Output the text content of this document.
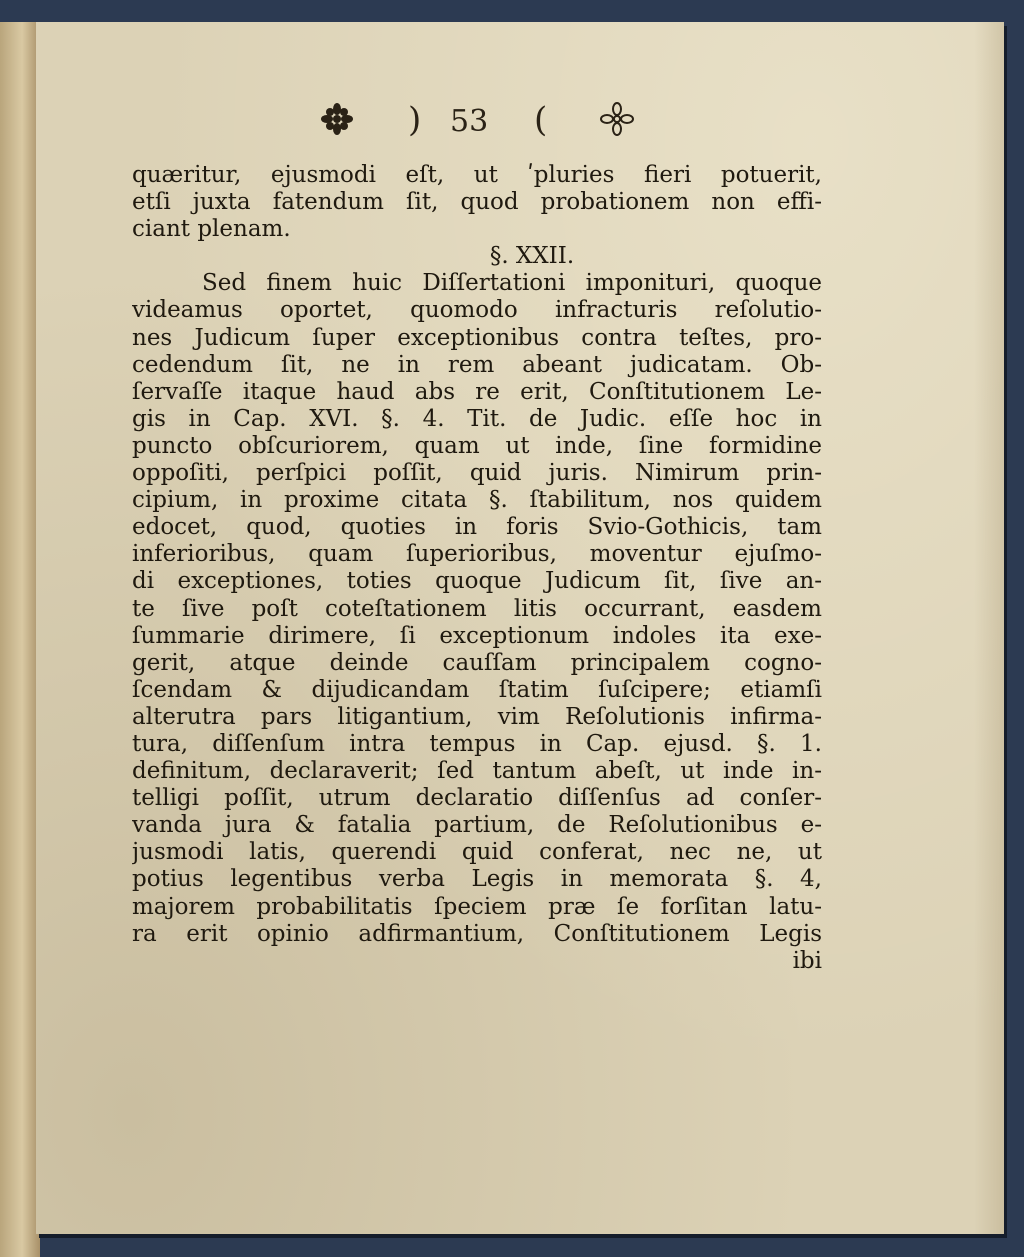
) 53 (
quæritur, ejusmodi eſt, ut ʹpluries fieri potuerit,
etſi juxta fatendum ſit, quod probationem non effi-
ciant plenam.
§. XXII.
Sed finem huic Diſſertationi imponituri, quoque
videamus oportet, quomodo infracturis reſolutio-
nes Judicum ſuper exceptionibus contra teſtes, pro-
cedendum ſit, ne in rem abeant judicatam. Ob-
ſervaſſe itaque haud abs re erit, Conſtitutionem Le-
gis in Cap. XVI. §. 4. Tit. de Judic. eſſe hoc in
puncto obſcuriorem, quam ut inde, ſine formidine
oppoſiti, perſpici poſſit, quid juris. Nimirum prin-
cipium, in proxime citata §. ſtabilitum, nos quidem
edocet, quod, quoties in foris Svio-Gothicis, tam
inferioribus, quam ſuperioribus, moventur ejuſmo-
di exceptiones, toties quoque Judicum ſit, ſive an-
te ſive poſt coteſtationem litis occurrant, easdem
ſummarie dirimere, ſi exceptionum indoles ita exe-
gerit, atque deinde cauſſam principalem cogno-
ſcendam & dijudicandam ſtatim ſuſcipere; etiamſi
alterutra pars litigantium, vim Reſolutionis infirma-
tura, diſſenſum intra tempus in Cap. ejusd. §. 1.
definitum, declaraverit; ſed tantum abeſt, ut inde in-
telligi poſſit, utrum declaratio diſſenſus ad conſer-
vanda jura & fatalia partium, de Reſolutionibus e-
jusmodi latis, querendi quid conferat, nec ne, ut
potius legentibus verba Legis in memorata §. 4,
majorem probabilitatis ſpeciem præ ſe forſitan latu-
ra erit opinio adfirmantium, Conſtitutionem Legis
ibi
